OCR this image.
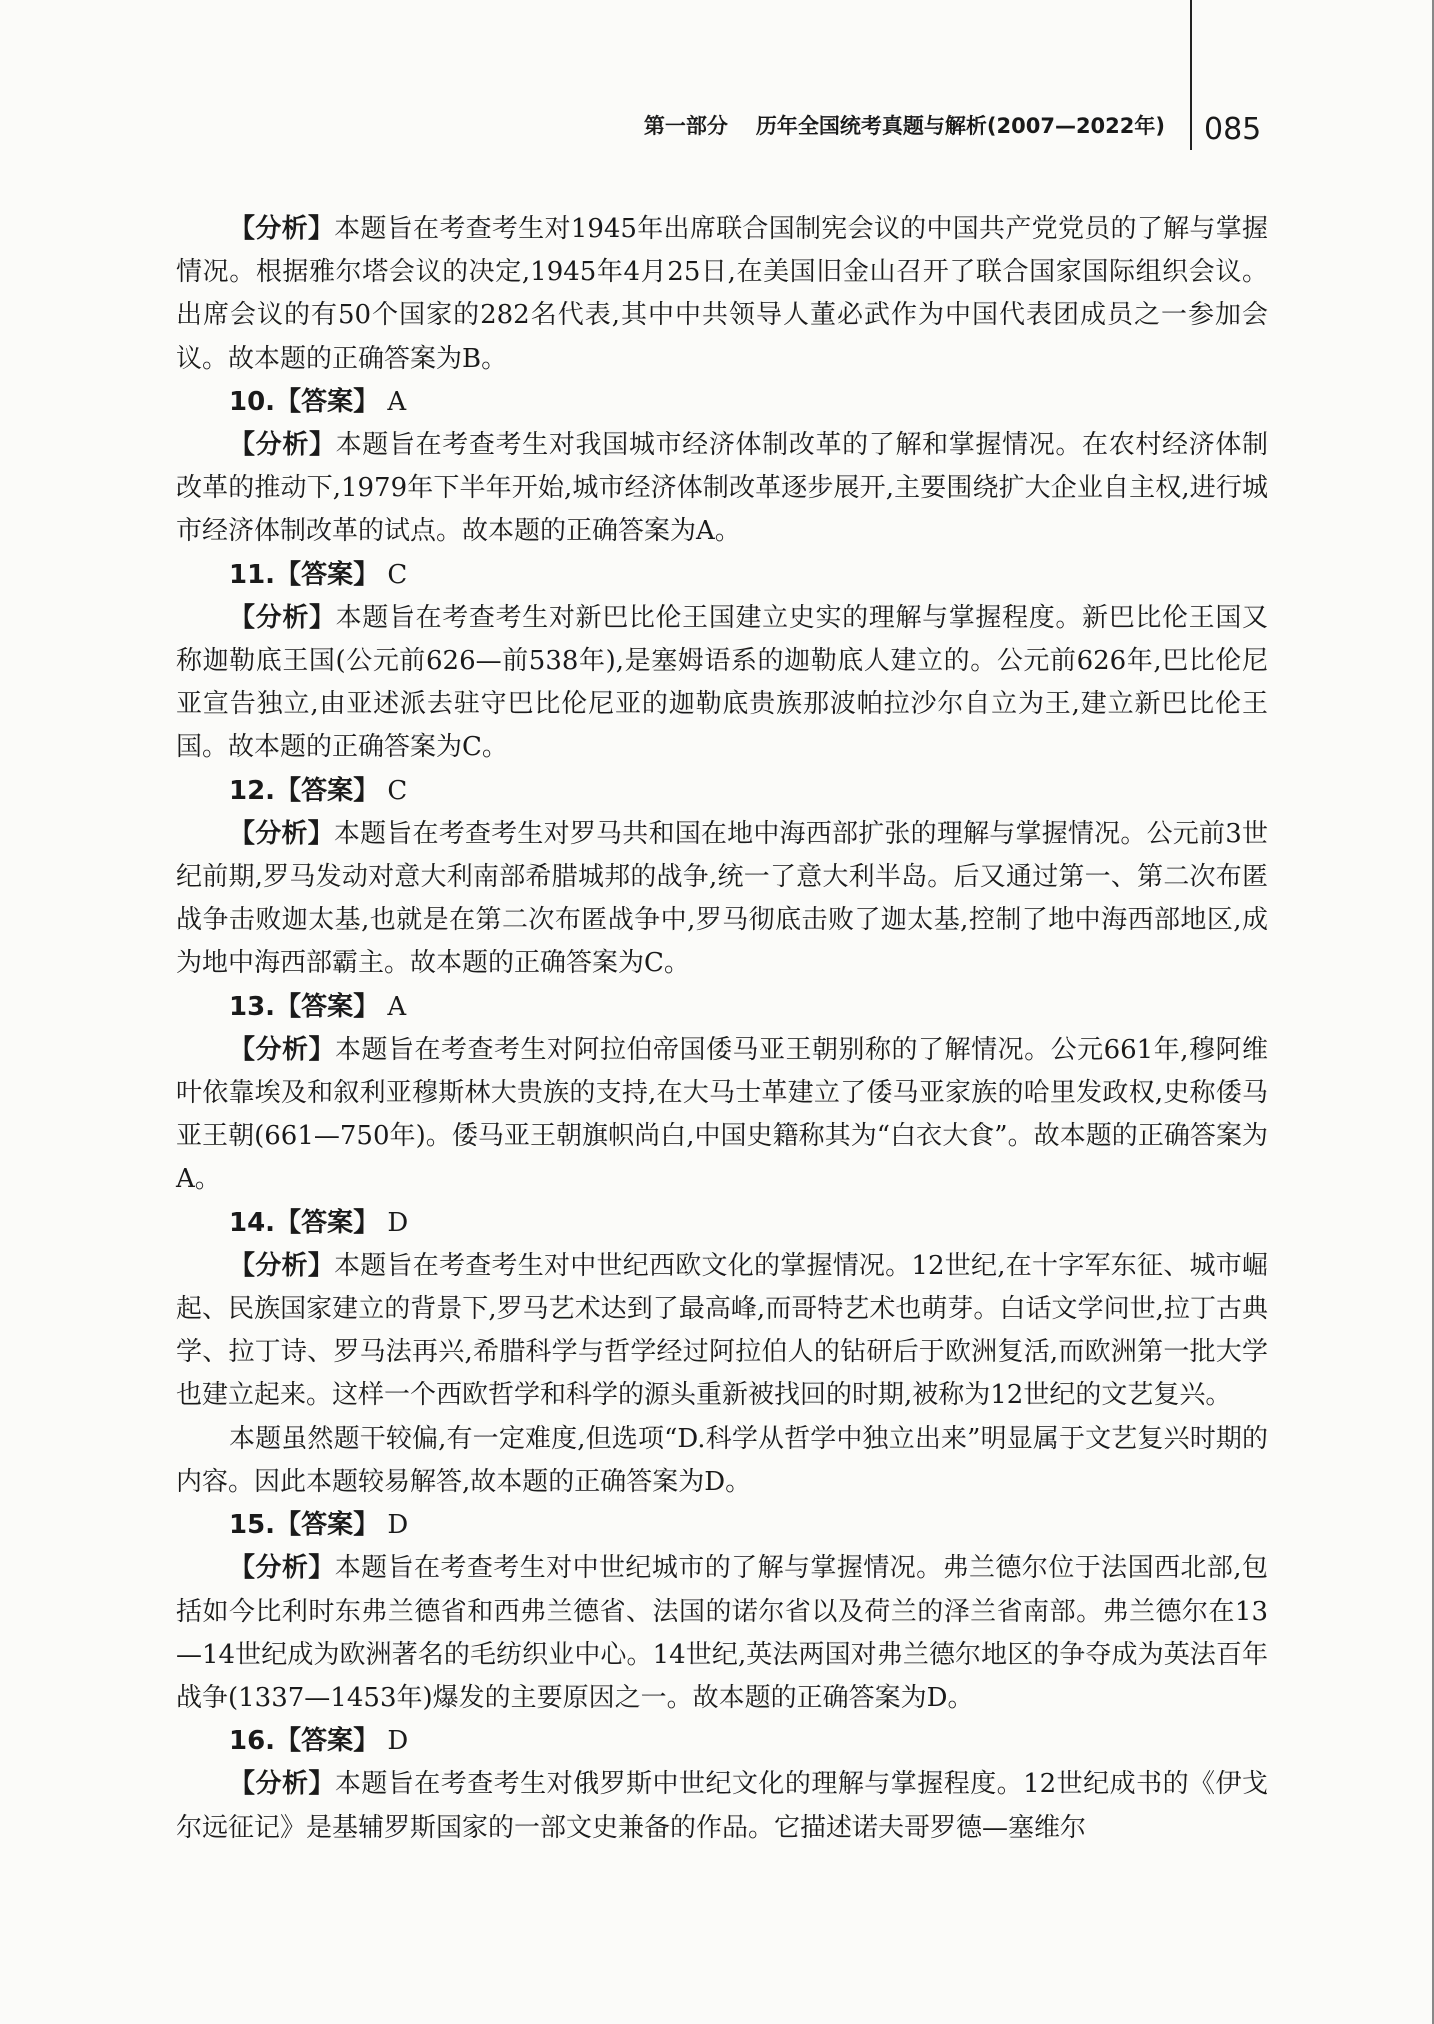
第一部分 历年全国统考真题与解析(2007—2022年) 085

【分析】本题旨在考查考生对1945年出席联合国制宪会议的中国共产党党员的了解与掌握情况。根据雅尔塔会议的决定,1945年4月25日,在美国旧金山召开了联合国家国际组织会议。出席会议的有50个国家的282名代表,其中中共领导人董必武作为中国代表团成员之一参加会议。故本题的正确答案为B。

10.【答案】 A

【分析】本题旨在考查考生对我国城市经济体制改革的了解和掌握情况。在农村经济体制改革的推动下,1979年下半年开始,城市经济体制改革逐步展开,主要围绕扩大企业自主权,进行城市经济体制改革的试点。故本题的正确答案为A。

11.【答案】 C

【分析】本题旨在考查考生对新巴比伦王国建立史实的理解与掌握程度。新巴比伦王国又称迦勒底王国(公元前626—前538年),是塞姆语系的迦勒底人建立的。公元前626年,巴比伦尼亚宣告独立,由亚述派去驻守巴比伦尼亚的迦勒底贵族那波帕拉沙尔自立为王,建立新巴比伦王国。故本题的正确答案为C。

12.【答案】 C

【分析】本题旨在考查考生对罗马共和国在地中海西部扩张的理解与掌握情况。公元前3世纪前期,罗马发动对意大利南部希腊城邦的战争,统一了意大利半岛。后又通过第一、第二次布匿战争击败迦太基,也就是在第二次布匿战争中,罗马彻底击败了迦太基,控制了地中海西部地区,成为地中海西部霸主。故本题的正确答案为C。

13.【答案】 A

【分析】本题旨在考查考生对阿拉伯帝国倭马亚王朝别称的了解情况。公元661年,穆阿维叶依靠埃及和叙利亚穆斯林大贵族的支持,在大马士革建立了倭马亚家族的哈里发政权,史称倭马亚王朝(661—750年)。倭马亚王朝旗帜尚白,中国史籍称其为“白衣大食”。故本题的正确答案为A。

14.【答案】 D

【分析】本题旨在考查考生对中世纪西欧文化的掌握情况。12世纪,在十字军东征、城市崛起、民族国家建立的背景下,罗马艺术达到了最高峰,而哥特艺术也萌芽。白话文学问世,拉丁古典学、拉丁诗、罗马法再兴,希腊科学与哲学经过阿拉伯人的钻研后于欧洲复活,而欧洲第一批大学也建立起来。这样一个西欧哲学和科学的源头重新被找回的时期,被称为12世纪的文艺复兴。

本题虽然题干较偏,有一定难度,但选项“D.科学从哲学中独立出来”明显属于文艺复兴时期的内容。因此本题较易解答,故本题的正确答案为D。

15.【答案】 D

【分析】本题旨在考查考生对中世纪城市的了解与掌握情况。弗兰德尔位于法国西北部,包括如今比利时东弗兰德省和西弗兰德省、法国的诺尔省以及荷兰的泽兰省南部。弗兰德尔在13—14世纪成为欧洲著名的毛纺织业中心。14世纪,英法两国对弗兰德尔地区的争夺成为英法百年战争(1337—1453年)爆发的主要原因之一。故本题的正确答案为D。

16.【答案】 D

【分析】本题旨在考查考生对俄罗斯中世纪文化的理解与掌握程度。12世纪成书的《伊戈尔远征记》是基辅罗斯国家的一部文史兼备的作品。它描述诺夫哥罗德—塞维尔
